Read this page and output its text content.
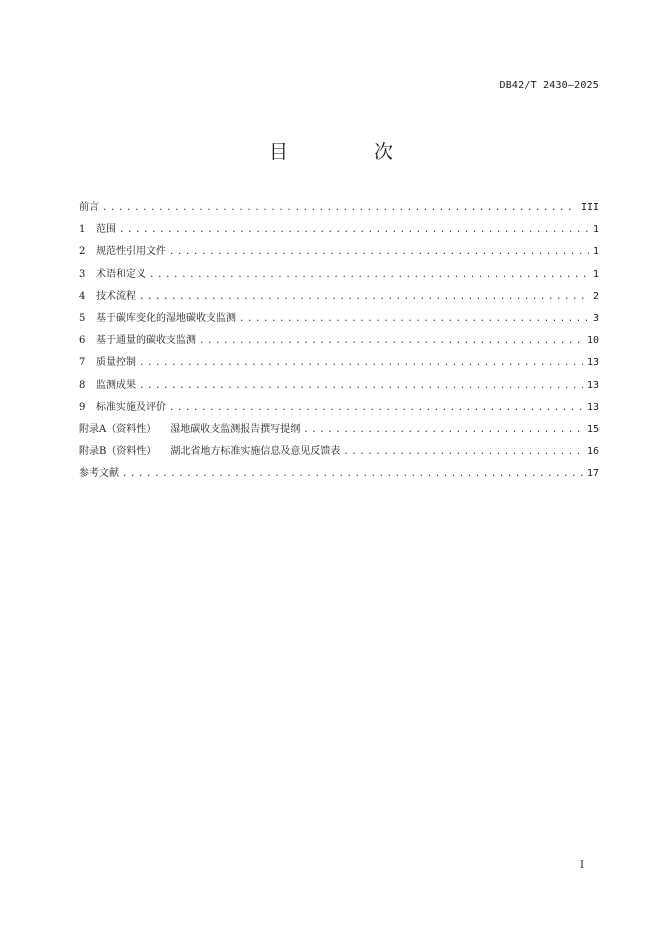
DB42/T 2430—2025
目 次
前言 .....	III
1 范围 .....	1
2 规范性引用文件 .....	1
3 术语和定义 .....	1
4 技术流程 .....	2
5 基于碳库变化的湿地碳收支监测 .....	3
6 基于通量的碳收支监测 .....	10
7 质量控制 .....	13
8 监测成果 .....	13
9 标准实施及评价 .....	13
附录A（资料性） 湿地碳收支监测报告撰写提纲 .....	15
附录B（资料性） 湖北省地方标准实施信息及意见反馈表 .....	16
参考文献 .....	17
I
